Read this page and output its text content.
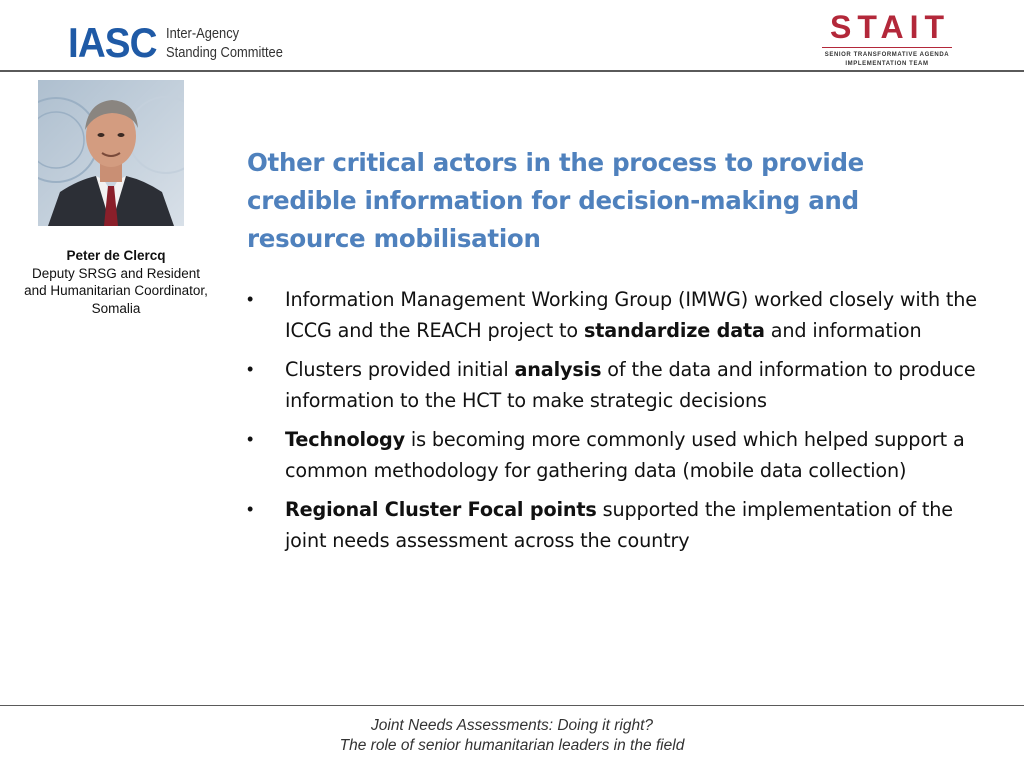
IASC Inter-Agency
Standing Committee
STAIT
SENIOR TRANSFORMATIVE AGENDA
IMPLEMENTATION TEAM
Peter de Clercq
Deputy SRSG and Resident
and Humanitarian Coordinator,
Somalia
Other critical actors in the process to provide credible information for decision-making and resource mobilisation
• Information Management Working Group (IMWG) worked closely with the ICCG and the REACH project to standardize data and information
• Clusters provided initial analysis of the data and information to produce information to the HCT to make strategic decisions
• Technology is becoming more commonly used which helped support a common methodology for gathering data (mobile data collection)
• Regional Cluster Focal points supported the implementation of the joint needs assessment across the country
Joint Needs Assessments: Doing it right?
The role of senior humanitarian leaders in the field
